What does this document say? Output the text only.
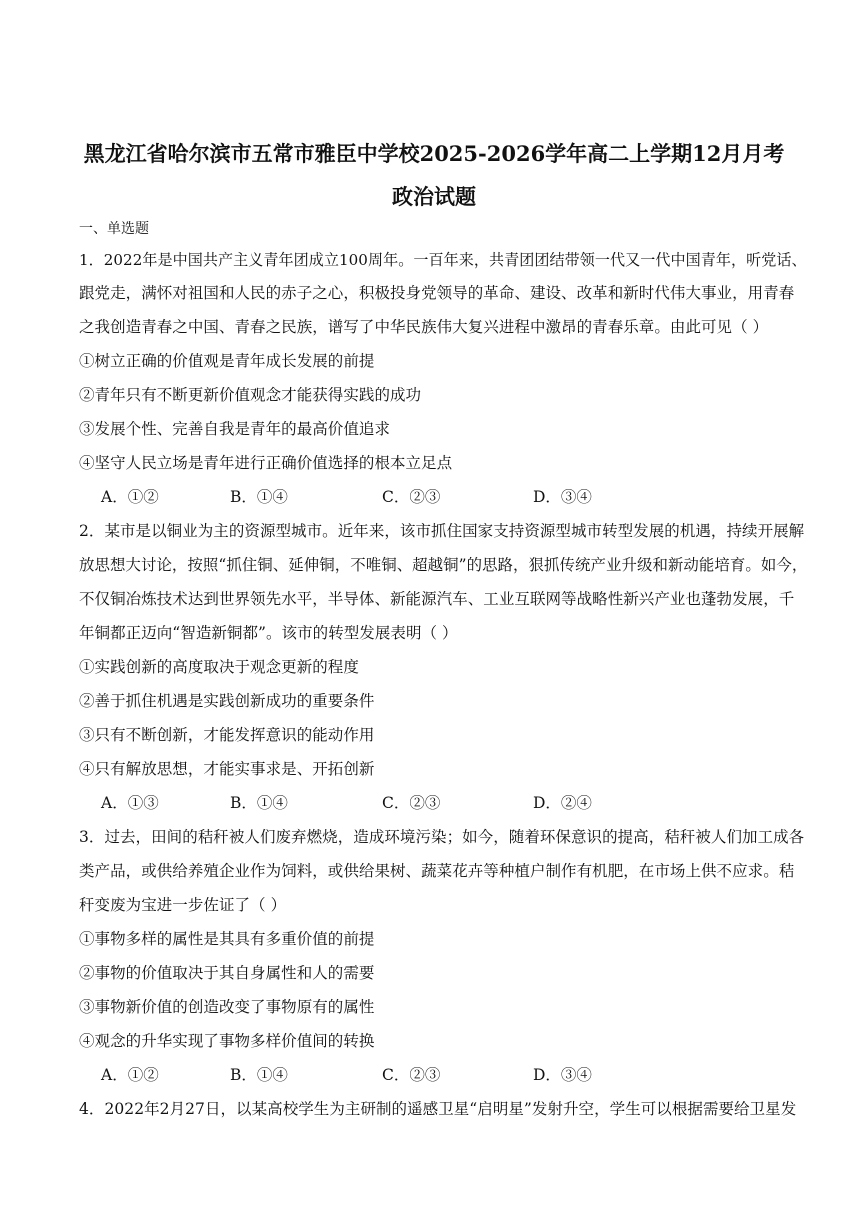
黑龙江省哈尔滨市五常市雅臣中学校2025-2026学年高二上学期12月月考
政治试题
一、单选题
1．2022年是中国共产主义青年团成立100周年。一百年来，共青团团结带领一代又一代中国青年，听党话、
跟党走，满怀对祖国和人民的赤子之心，积极投身党领导的革命、建设、改革和新时代伟大事业，用青春
之我创造青春之中国、青春之民族，谱写了中华民族伟大复兴进程中激昂的青春乐章。由此可见（ ）
①树立正确的价值观是青年成长发展的前提
②青年只有不断更新价值观念才能获得实践的成功
③发展个性、完善自我是青年的最高价值追求
④坚守人民立场是青年进行正确价值选择的根本立足点
A．①②	B．①④	C．②③	D．③④
2．某市是以铜业为主的资源型城市。近年来，该市抓住国家支持资源型城市转型发展的机遇，持续开展解
放思想大讨论，按照“抓住铜、延伸铜，不唯铜、超越铜”的思路，狠抓传统产业升级和新动能培育。如今，
不仅铜冶炼技术达到世界领先水平，半导体、新能源汽车、工业互联网等战略性新兴产业也蓬勃发展，千
年铜都正迈向“智造新铜都”。该市的转型发展表明（ ）
①实践创新的高度取决于观念更新的程度
②善于抓住机遇是实践创新成功的重要条件
③只有不断创新，才能发挥意识的能动作用
④只有解放思想，才能实事求是、开拓创新
A．①③	B．①④	C．②③	D．②④
3．过去，田间的秸秆被人们废弃燃烧，造成环境污染；如今，随着环保意识的提高，秸秆被人们加工成各
类产品，或供给养殖企业作为饲料，或供给果树、蔬菜花卉等种植户制作有机肥，在市场上供不应求。秸
秆变废为宝进一步佐证了（ ）
①事物多样的属性是其具有多重价值的前提
②事物的价值取决于其自身属性和人的需要
③事物新价值的创造改变了事物原有的属性
④观念的升华实现了事物多样价值间的转换
A．①②	B．①④	C．②③	D．③④
4．2022年2月27日，以某高校学生为主研制的遥感卫星“启明星”发射升空，学生可以根据需要给卫星发
